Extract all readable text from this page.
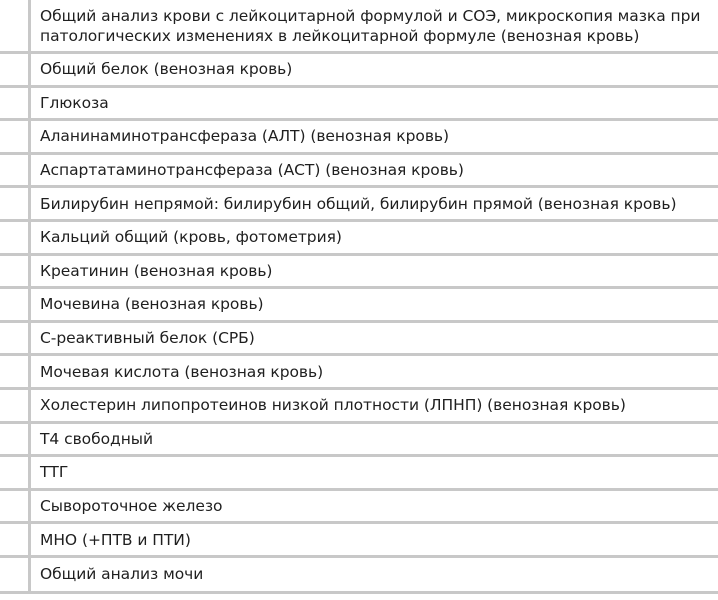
	Общий анализ крови с лейкоцитарной формулой и СОЭ, микроскопия мазка при патологических изменениях в лейкоцитарной формуле (венозная кровь)
	Общий белок (венозная кровь)
	Глюкоза
	Аланинаминотрансфераза (АЛТ) (венозная кровь)
	Аспартатаминотрансфераза (АСТ) (венозная кровь)
	Билирубин непрямой: билирубин общий, билирубин прямой (венозная кровь)
	Кальций общий (кровь, фотометрия)
	Креатинин (венозная кровь)
	Мочевина (венозная кровь)
	С-реактивный белок (СРБ)
	Мочевая кислота (венозная кровь)
	Холестерин липопротеинов низкой плотности (ЛПНП) (венозная кровь)
	Т4 свободный
	ТТГ
	Сывороточное железо
	МНО (+ПТВ и ПТИ)
	Общий анализ мочи
